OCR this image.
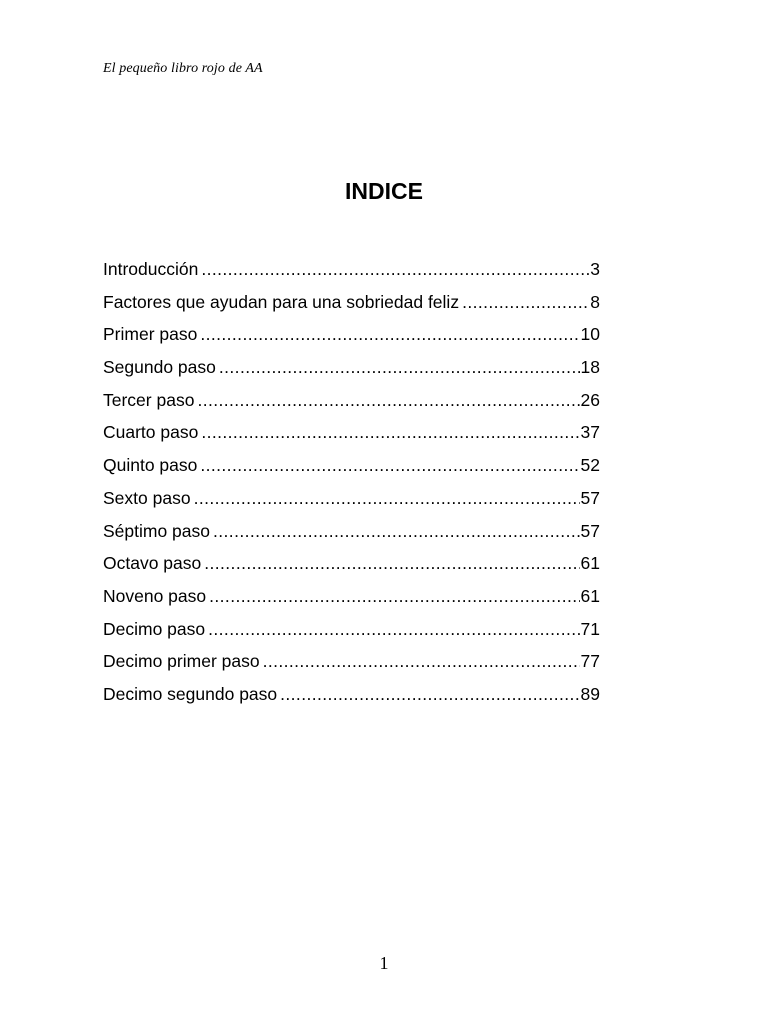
El pequeño libro rojo de AA
INDICE
Introducción .....	3
Factores que ayudan para una sobriedad feliz .....	8
Primer paso .....	10
Segundo paso .....	18
Tercer paso .....	26
Cuarto paso .....	37
Quinto paso .....	52
Sexto paso .....	57
Séptimo paso .....	57
Octavo paso .....	61
Noveno paso .....	61
Decimo paso .....	71
Decimo primer paso .....	77
Decimo segundo paso .....	89
1
